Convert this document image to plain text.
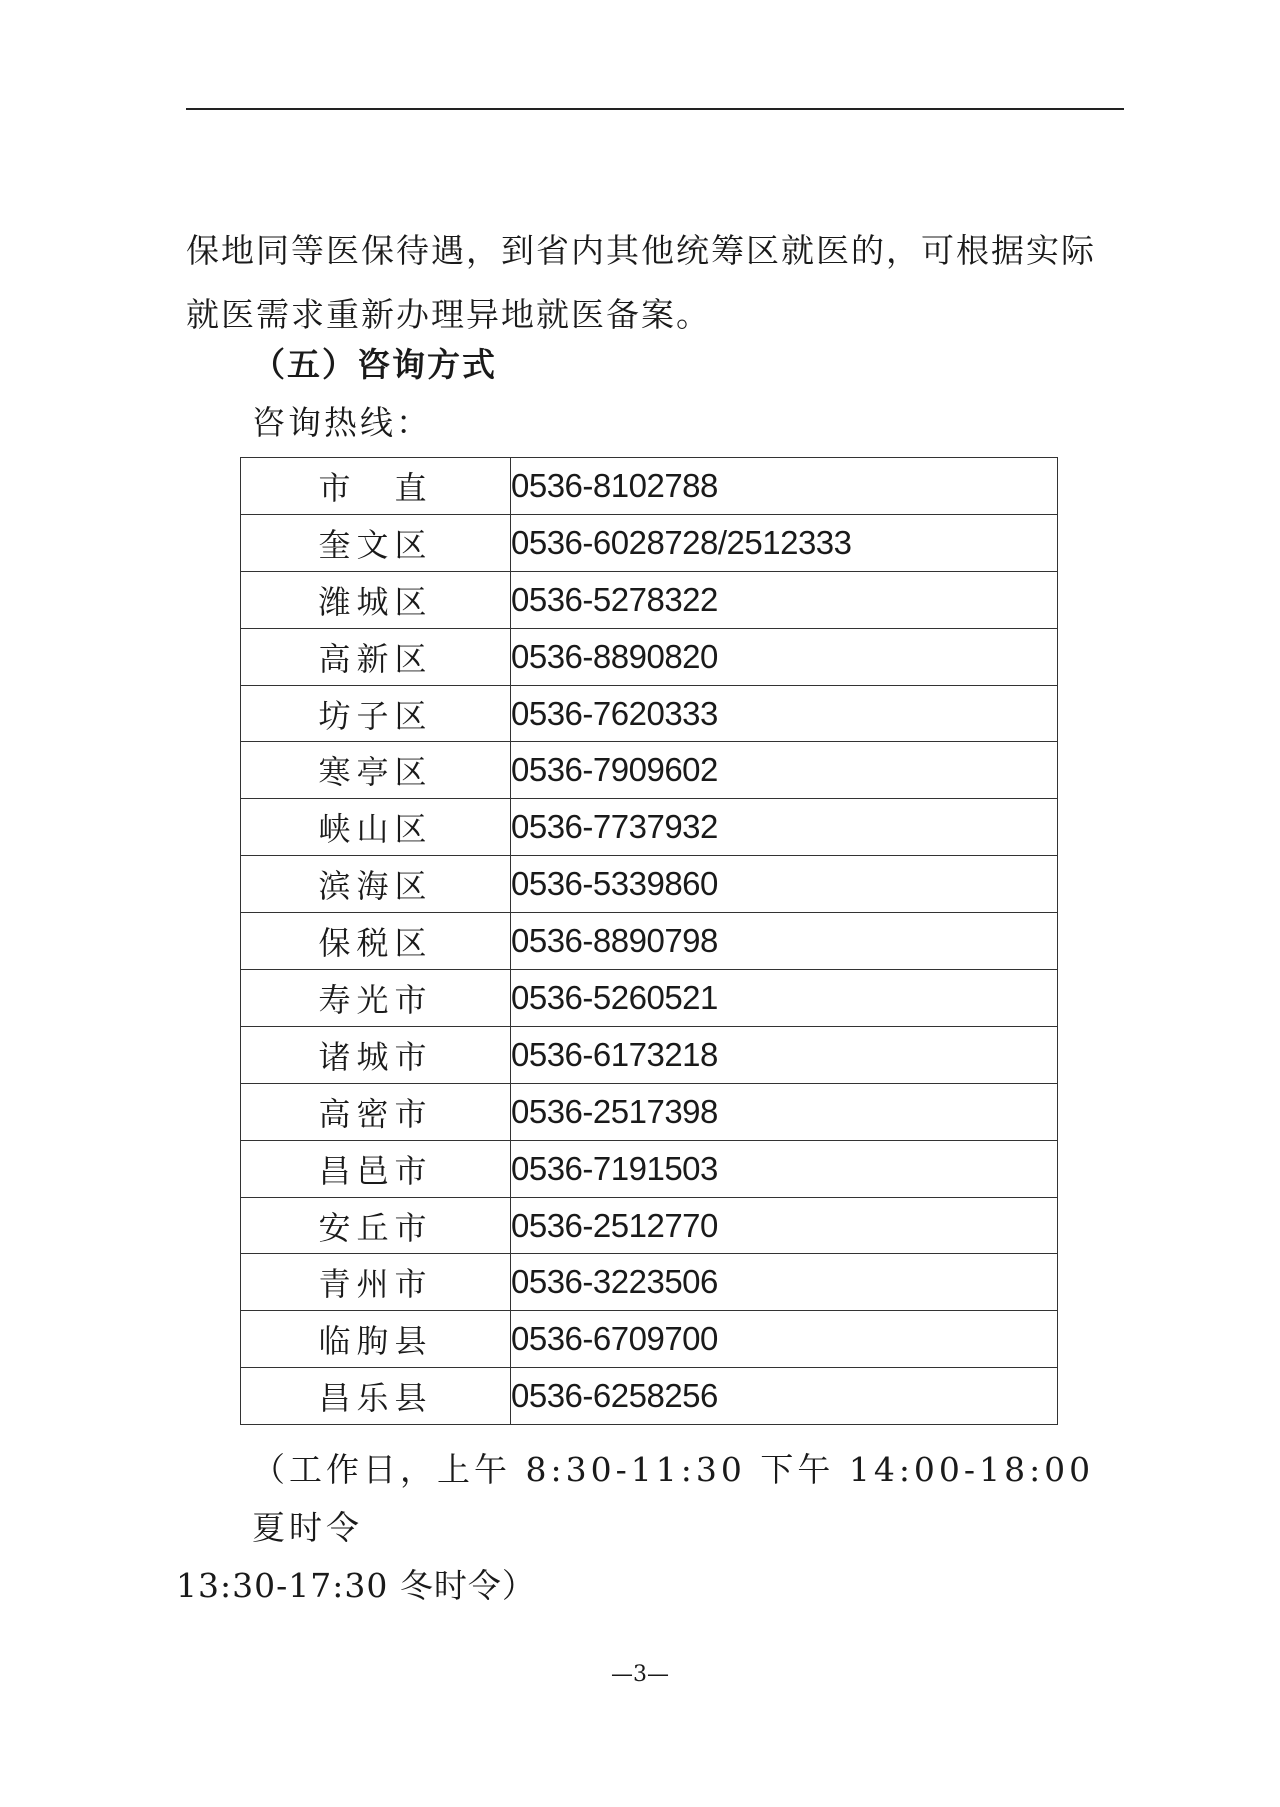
保地同等医保待遇，到省内其他统筹区就医的，可根据实际就医需求重新办理异地就医备案。
（五）咨询方式
咨询热线：
市　直	0536-8102788
奎文区	0536-6028728/2512333
潍城区	0536-5278322
高新区	0536-8890820
坊子区	0536-7620333
寒亭区	0536-7909602
峡山区	0536-7737932
滨海区	0536-5339860
保税区	0536-8890798
寿光市	0536-5260521
诸城市	0536-6173218
高密市	0536-2517398
昌邑市	0536-7191503
安丘市	0536-2512770
青州市	0536-3223506
临朐县	0536-6709700
昌乐县	0536-6258256
（工作日，上午 8:30-11:30 下午 14:00-18:00 夏时令
13:30-17:30 冬时令）
—3—
